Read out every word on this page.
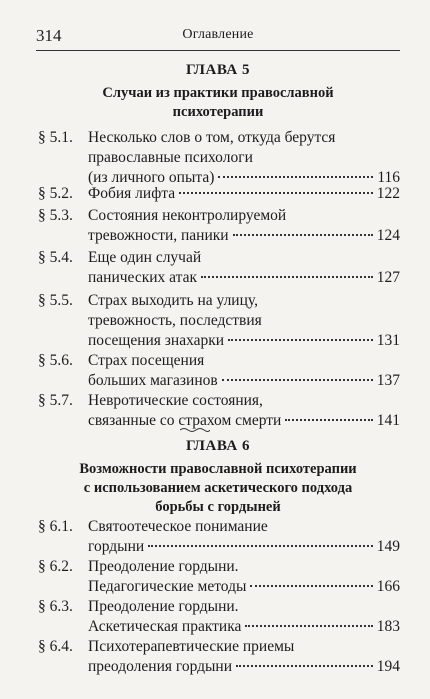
314	Оглавление
ГЛАВА 5
Случаи из практики православной
психотерапии
§ 5.1. Несколько слов о том, откуда берутся
православные психологи
(из личного опыта)	116
§ 5.2. Фобия лифта	122
§ 5.3. Состояния неконтролируемой
тревожности, паники	124
§ 5.4. Еще один случай
панических атак	127
§ 5.5. Страх выходить на улицу,
тревожность, последствия
посещения знахарки	131
§ 5.6. Страх посещения
больших магазинов	137
§ 5.7. Невротические состояния,
связанные со страхом смерти	141
ГЛАВА 6
Возможности православной психотерапии
с использованием аскетического подхода
борьбы с гордыней
§ 6.1. Святоотеческое понимание
гордыни	149
§ 6.2. Преодоление гордыни.
Педагогические методы	166
§ 6.3. Преодоление гордыни.
Аскетическая практика	183
§ 6.4. Психотерапевтические приемы
преодоления гордыни	194
